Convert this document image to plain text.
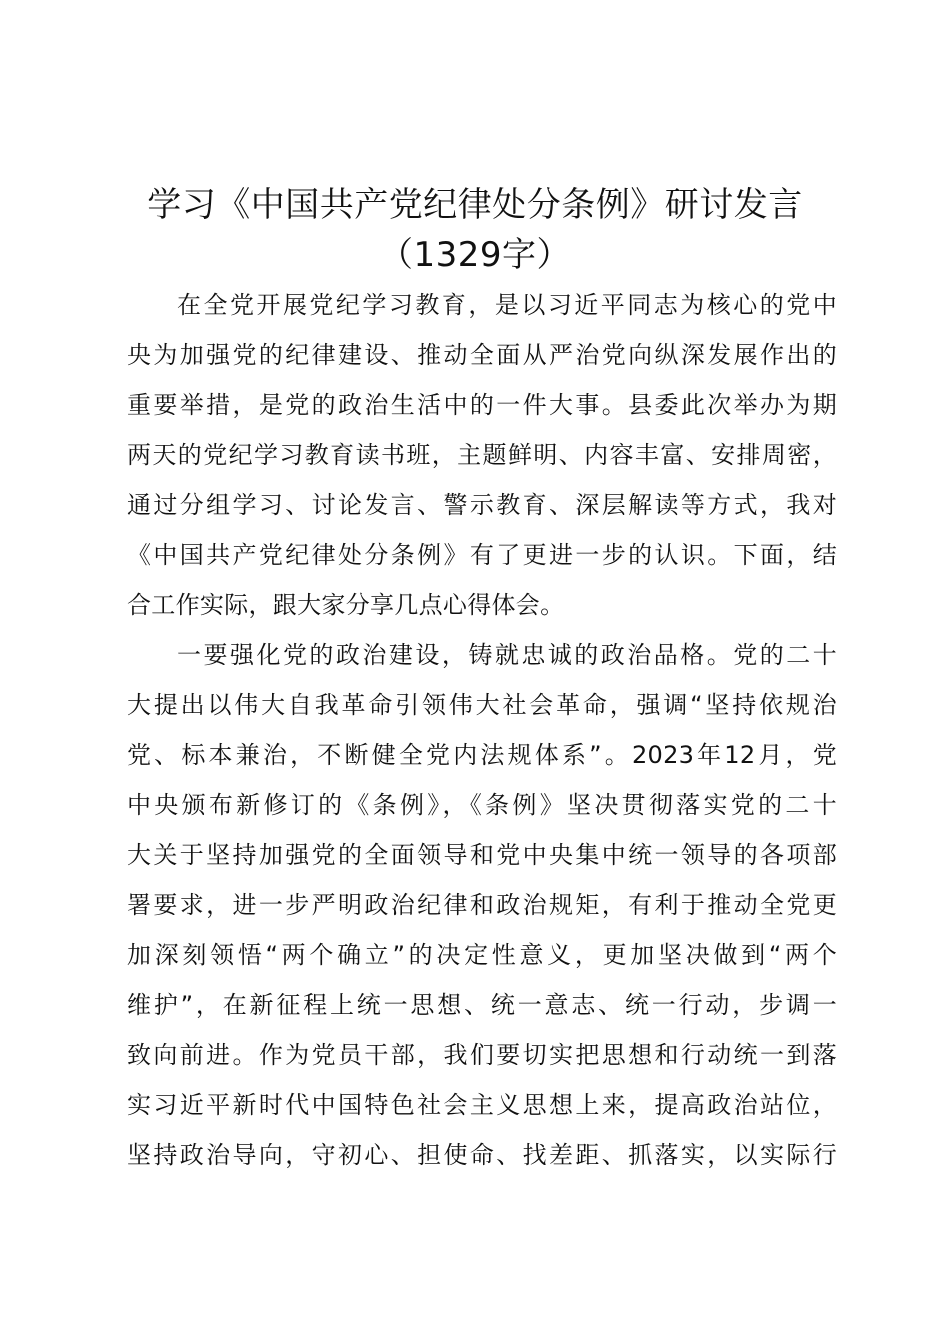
学习《中国共产党纪律处分条例》研讨发言
（1329字）
在全党开展党纪学习教育，是以习近平同志为核心的党中
央为加强党的纪律建设、推动全面从严治党向纵深发展作出的
重要举措，是党的政治生活中的一件大事。县委此次举办为期
两天的党纪学习教育读书班，主题鲜明、内容丰富、安排周密，
通过分组学习、讨论发言、警示教育、深层解读等方式，我对
《中国共产党纪律处分条例》有了更进一步的认识。下面，结
合工作实际，跟大家分享几点心得体会。
一要强化党的政治建设，铸就忠诚的政治品格。党的二十
大提出以伟大自我革命引领伟大社会革命，强调“坚持依规治
党、标本兼治，不断健全党内法规体系”。2023年12月，党
中央颁布新修订的《条例》，《条例》坚决贯彻落实党的二十
大关于坚持加强党的全面领导和党中央集中统一领导的各项部
署要求，进一步严明政治纪律和政治规矩，有利于推动全党更
加深刻领悟“两个确立”的决定性意义，更加坚决做到“两个
维护”，在新征程上统一思想、统一意志、统一行动，步调一
致向前进。作为党员干部，我们要切实把思想和行动统一到落
实习近平新时代中国特色社会主义思想上来，提高政治站位，
坚持政治导向，守初心、担使命、找差距、抓落实，以实际行
